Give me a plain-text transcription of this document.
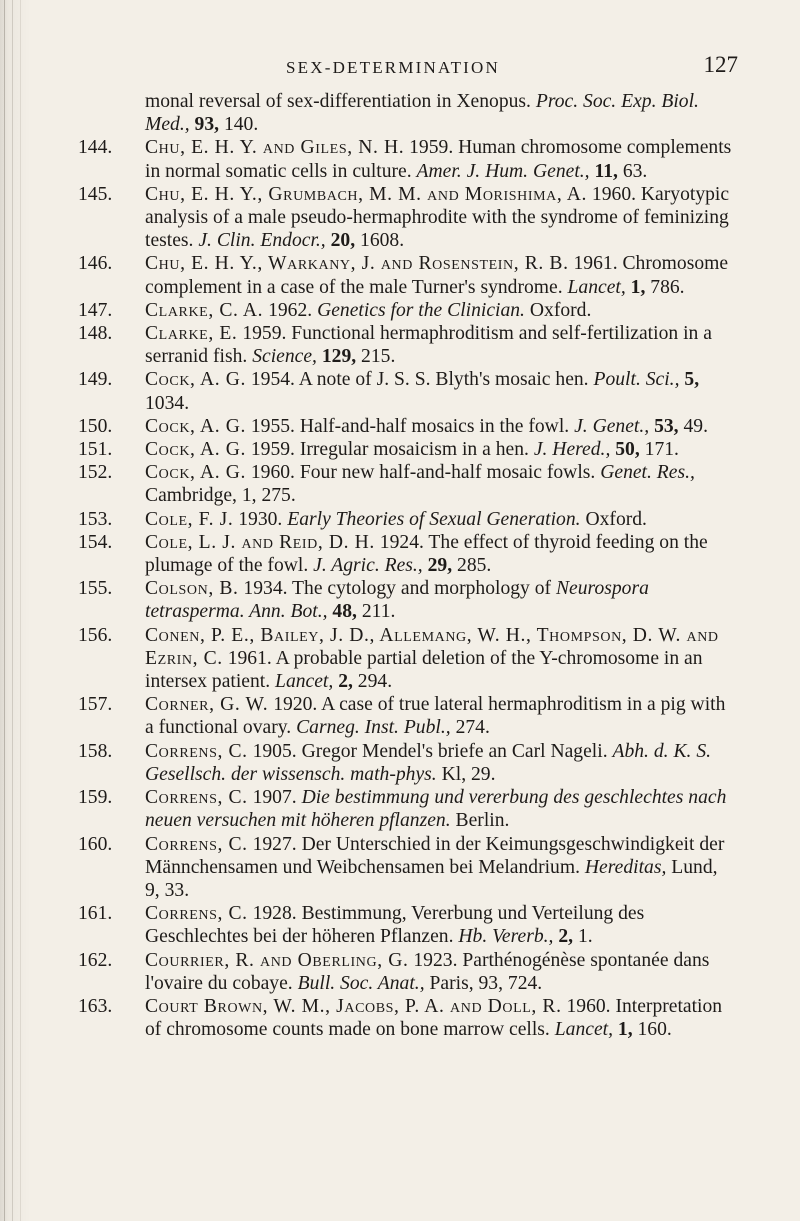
SEX-DETERMINATION	127
monal reversal of sex-differentiation in Xenopus. Proc. Soc. Exp. Biol. Med., 93, 140.
144. Chu, E. H. Y. and Giles, N. H. 1959. Human chromosome complements in normal somatic cells in culture. Amer. J. Hum. Genet., 11, 63.
145. Chu, E. H. Y., Grumbach, M. M. and Morishima, A. 1960. Karyotypic analysis of a male pseudo-hermaphrodite with the syndrome of feminizing testes. J. Clin. Endocr., 20, 1608.
146. Chu, E. H. Y., Warkany, J. and Rosenstein, R. B. 1961. Chromosome complement in a case of the male Turner's syndrome. Lancet, 1, 786.
147. Clarke, C. A. 1962. Genetics for the Clinician. Oxford.
148. Clarke, E. 1959. Functional hermaphroditism and self-fertilization in a serranid fish. Science, 129, 215.
149. Cock, A. G. 1954. A note of J. S. S. Blyth's mosaic hen. Poult. Sci., 5, 1034.
150. Cock, A. G. 1955. Half-and-half mosaics in the fowl. J. Genet., 53, 49.
151. Cock, A. G. 1959. Irregular mosaicism in a hen. J. Hered., 50, 171.
152. Cock, A. G. 1960. Four new half-and-half mosaic fowls. Genet. Res., Cambridge, 1, 275.
153. Cole, F. J. 1930. Early Theories of Sexual Generation. Oxford.
154. Cole, L. J. and Reid, D. H. 1924. The effect of thyroid feeding on the plumage of the fowl. J. Agric. Res., 29, 285.
155. Colson, B. 1934. The cytology and morphology of Neurospora tetrasperma. Ann. Bot., 48, 211.
156. Conen, P. E., Bailey, J. D., Allemang, W. H., Thompson, D. W. and Ezrin, C. 1961. A probable partial deletion of the Y-chromosome in an intersex patient. Lancet, 2, 294.
157. Corner, G. W. 1920. A case of true lateral hermaphroditism in a pig with a functional ovary. Carneg. Inst. Publ., 274.
158. Correns, C. 1905. Gregor Mendel's briefe an Carl Nageli. Abh. d. K. S. Gesellsch. der wissensch. math-phys. Kl, 29.
159. Correns, C. 1907. Die bestimmung und vererbung des geschlechtes nach neuen versuchen mit höheren pflanzen. Berlin.
160. Correns, C. 1927. Der Unterschied in der Keimungsgeschwindigkeit der Männchensamen und Weibchensamen bei Melandrium. Hereditas, Lund, 9, 33.
161. Correns, C. 1928. Bestimmung, Vererbung und Verteilung des Geschlechtes bei der höheren Pflanzen. Hb. Vererb., 2, 1.
162. Courrier, R. and Oberling, G. 1923. Parthénogénèse spontanée dans l'ovaire du cobaye. Bull. Soc. Anat., Paris, 93, 724.
163. Court Brown, W. M., Jacobs, P. A. and Doll, R. 1960. Interpretation of chromosome counts made on bone marrow cells. Lancet, 1, 160.
